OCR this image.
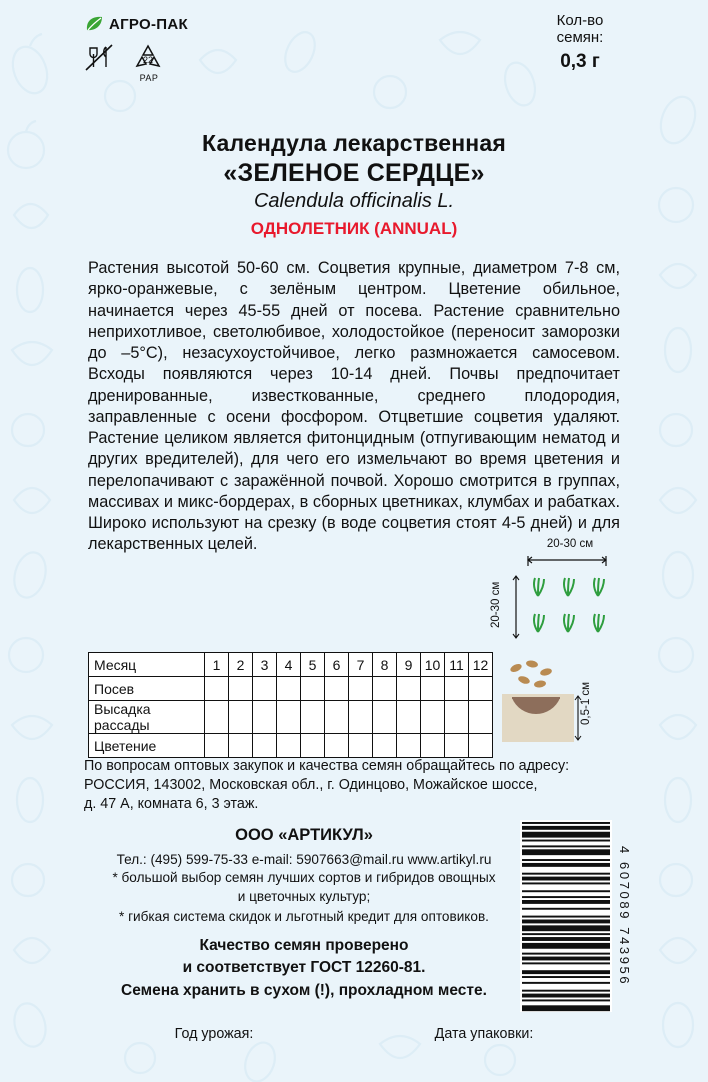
АГРО-ПАК
22
PAP
Кол-во
семян:
0,3 г
Календула лекарственная
«ЗЕЛЕНОЕ СЕРДЦЕ»
Calendula officinalis L.
ОДНОЛЕТНИК (ANNUAL)
Растения высотой 50-60 см. Соцветия крупные, диаметром 7-8 см, ярко-оранжевые, с зелёным центром. Цветение обильное, начинается через 45-55 дней от посева. Растение сравнительно неприхотливое, светолюбивое, холодостойкое (переносит заморозки до –5°С), незасухоустойчивое, легко размножается самосевом. Всходы появляются через 10-14 дней. Почвы предпочитает дренированные, известкованные, среднего плодородия, заправленные с осени фосфором. Отцветшие соцветия удаляют. Растение целиком является фитонцидным (отпугивающим нематод и других вредителей), для чего его измельчают во время цветения и перелопачивают с заражённой почвой. Хорошо смотрится в группах, массивах и микс-бордерах, в сборных цветниках, клумбах и рабатках. Широко используют на срезку (в воде соцветия стоят 4-5 дней) и для лекарственных целей.	20-30 см
20-30 см
Месяц	1	2	3	4	5	6	7	8	9	10	11	12
Посев												
Высадка рассады												
Цветение												
0,5-1 см
По вопросам оптовых закупок и качества семян обращайтесь по адресу:
РОССИЯ, 143002, Московская обл., г. Одинцово, Можайское шоссе,
д. 47 А, комната 6, 3 этаж.
ООО «АРТИКУЛ»
Тел.: (495) 599-75-33 e-mail: 5907663@mail.ru www.artikyl.ru
* большой выбор семян лучших сортов и гибридов овощных
и цветочных культур;
* гибкая система скидок и льготный кредит для оптовиков.
Качество семян проверено
и соответствует ГОСТ 12260-81.
Семена хранить в сухом (!), прохладном месте.
4 607089 743956
Год урожая:	Дата упаковки:
